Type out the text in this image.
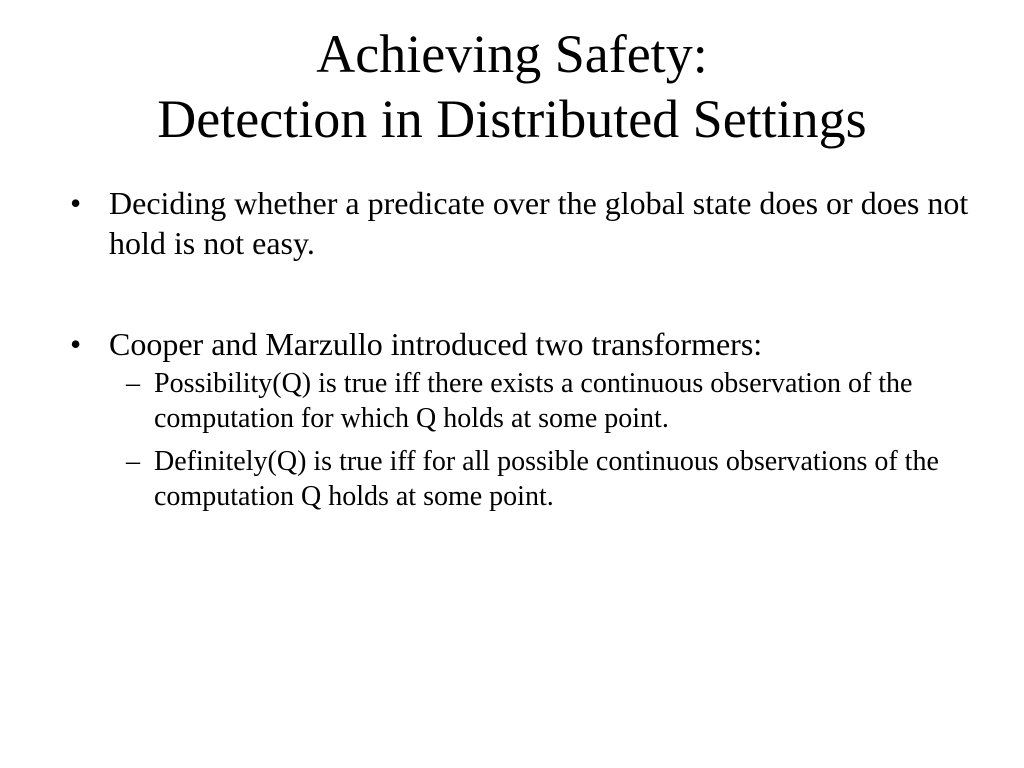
Achieving Safety:
Detection in Distributed Settings
• Deciding whether a predicate over the global state does or does not hold is not easy.
• Cooper and Marzullo introduced two transformers:
– Possibility(Q) is true iff there exists a continuous observation of the computation for which Q holds at some point.
– Definitely(Q) is true iff for all possible continuous observations of the computation Q holds at some point.
